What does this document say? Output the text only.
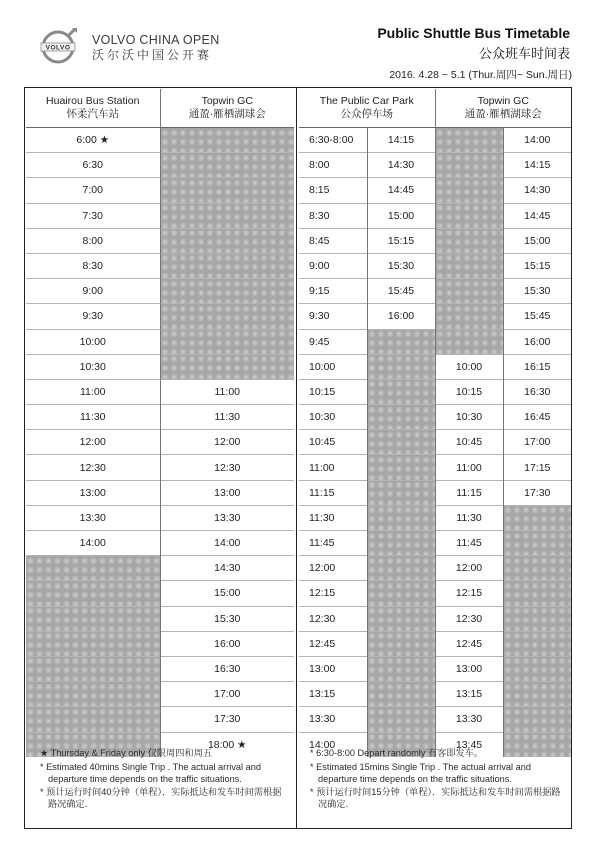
VOLVO
VOLVO CHINA OPEN
沃尔沃中国公开赛
Public Shuttle Bus Timetable
公众班车时间表
2016. 4.28 ~ 5.1 (Thur.周四~ Sun.周日)
Huairou Bus Station
怀柔汽车站	Topwin GC
通盈·雁栖湖球会

6:00 ★	
6:30	
7:00	
7:30	
8:00	
8:30	
9:00	
9:30	
10:00	
10:30	
11:00	11:00
11:30	11:30
12:00	12:00
12:30	12:30
13:00	13:00
13:30	13:30
14:00	14:00
	14:30
	15:00
	15:30
	16:00
	16:30
	17:00
	17:30
	18:00 ★
The Public Car Park
公众停车场		Topwin GC
通盈·雁栖湖球会	

6:30-8:00	14:15		14:00
8:00	14:30		14:15
8:15	14:45		14:30
8:30	15:00		14:45
8:45	15:15		15:00
9:00	15:30		15:15
9:15	15:45		15:30
9:30	16:00		15:45
9:45			16:00
10:00		10:00	16:15
10:15		10:15	16:30
10:30		10:30	16:45
10:45		10:45	17:00
11:00		11:00	17:15
11:15		11:15	17:30
11:30		11:30	
11:45		11:45	
12:00		12:00	
12:15		12:15	
12:30		12:30	
12:45		12:45	
13:00		13:00	
13:15		13:15	
13:30		13:30	
14:00		13:45	
★ Thursday & Friday only 仅限周四和周五
* Estimated 40mins Single Trip . The actual arrival and departure time depends on the traffic situations.
* 预计运行时间40分钟（单程）．实际抵达和发车时间需根据路况确定.
* 6:30-8:00 Depart randomly 有客即发车。
* Estimated 15mins Single Trip . The actual arrival and departure time depends on the traffic situations.
* 预计运行时间15分钟（单程）．实际抵达和发车时间需根据路况确定.
